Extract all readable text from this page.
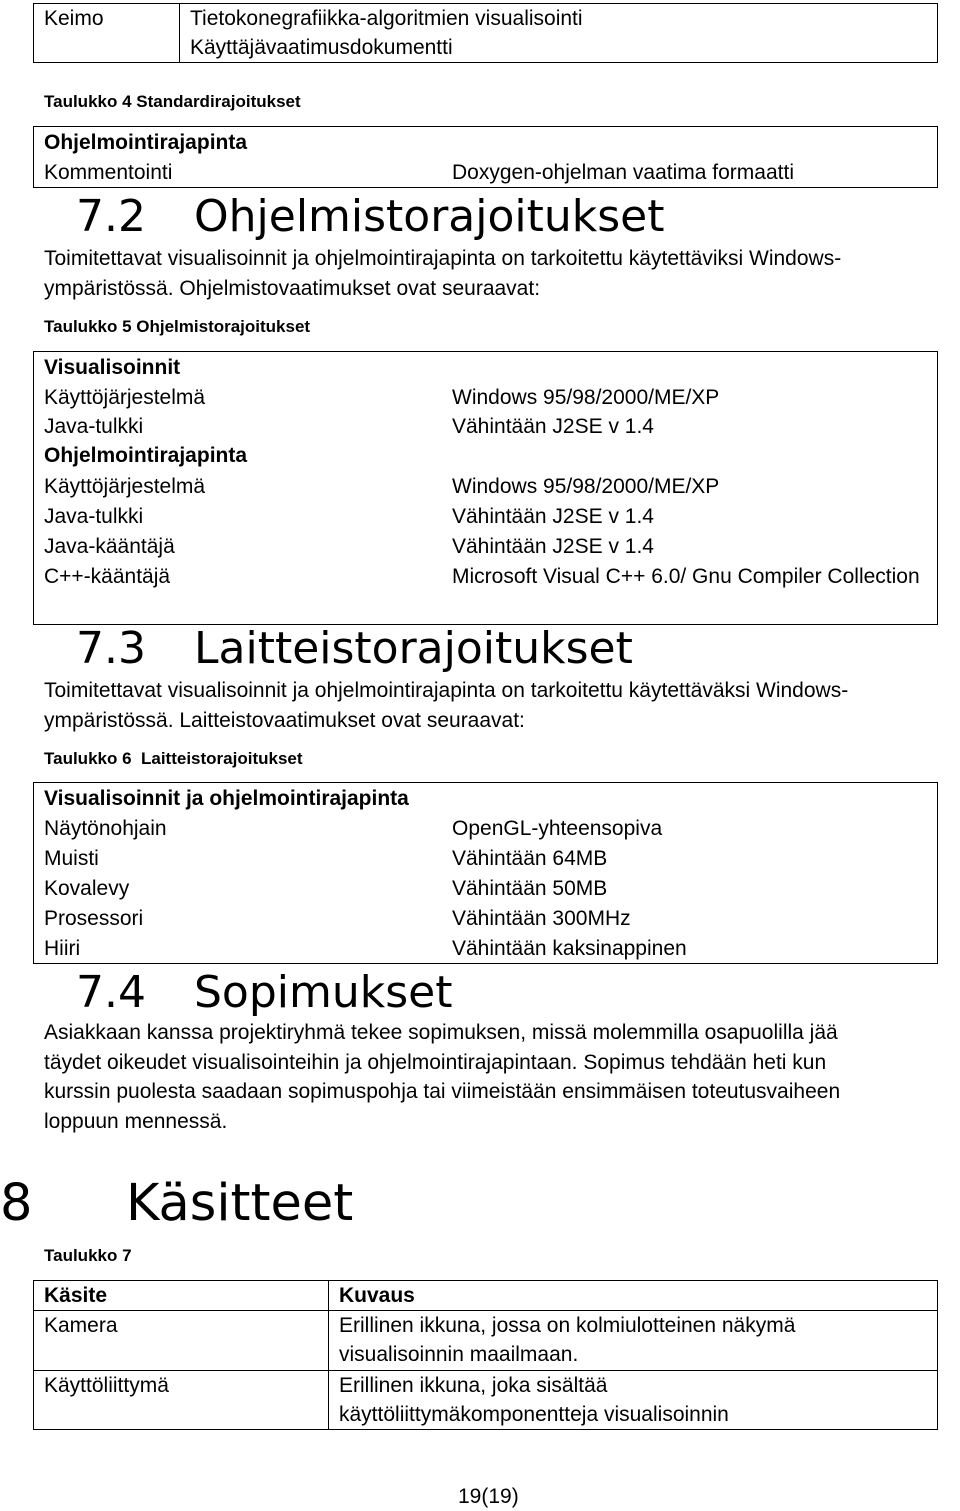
Keimo	Tietokonegrafiikka-algoritmien visualisointi
Käyttäjävaatimusdokumentti
Taulukko 4 Standardirajoitukset
Ohjelmointirajapinta
Kommentointi	Doxygen-ohjelman vaatima formaatti
7.2 Ohjelmistorajoitukset

Toimitettavat visualisoinnit ja ohjelmointirajapinta on tarkoitettu käytettäviksi Windows-ympäristössä. Ohjelmistovaatimukset ovat seuraavat:

Taulukko 5 Ohjelmistorajoitukset
Visualisoinnit
Käyttöjärjestelmä	Windows 95/98/2000/ME/XP
Java-tulkki	Vähintään J2SE v 1.4
Ohjelmointirajapinta
Käyttöjärjestelmä	Windows 95/98/2000/ME/XP
Java-tulkki	Vähintään J2SE v 1.4
Java-kääntäjä	Vähintään J2SE v 1.4
C++-kääntäjä	Microsoft Visual C++ 6.0/ Gnu Compiler Collection
7.3 Laitteistorajoitukset

Toimitettavat visualisoinnit ja ohjelmointirajapinta on tarkoitettu käytettäväksi Windows-ympäristössä. Laitteistovaatimukset ovat seuraavat:

Taulukko 6  Laitteistorajoitukset
Visualisoinnit ja ohjelmointirajapinta
Näytönohjain	OpenGL-yhteensopiva
Muisti	Vähintään 64MB
Kovalevy	Vähintään 50MB
Prosessori	Vähintään 300MHz
Hiiri	Vähintään kaksinappinen
7.4 Sopimukset

Asiakkaan kanssa projektiryhmä tekee sopimuksen, missä molemmilla osapuolilla jää täydet oikeudet visualisointeihin ja ohjelmointirajapintaan. Sopimus tehdään heti kun kurssin puolesta saadaan sopimuspohja tai viimeistään ensimmäisen toteutusvaiheen loppuun mennessä.

8 Käsitteet
Taulukko 7
Käsite	Kuvaus
Kamera	Erillinen ikkuna, jossa on kolmiulotteinen näkymä visualisoinnin maailmaan.
Käyttöliittymä	Erillinen ikkuna, joka sisältää käyttöliittymäkomponentteja visualisoinnin
19(19)
